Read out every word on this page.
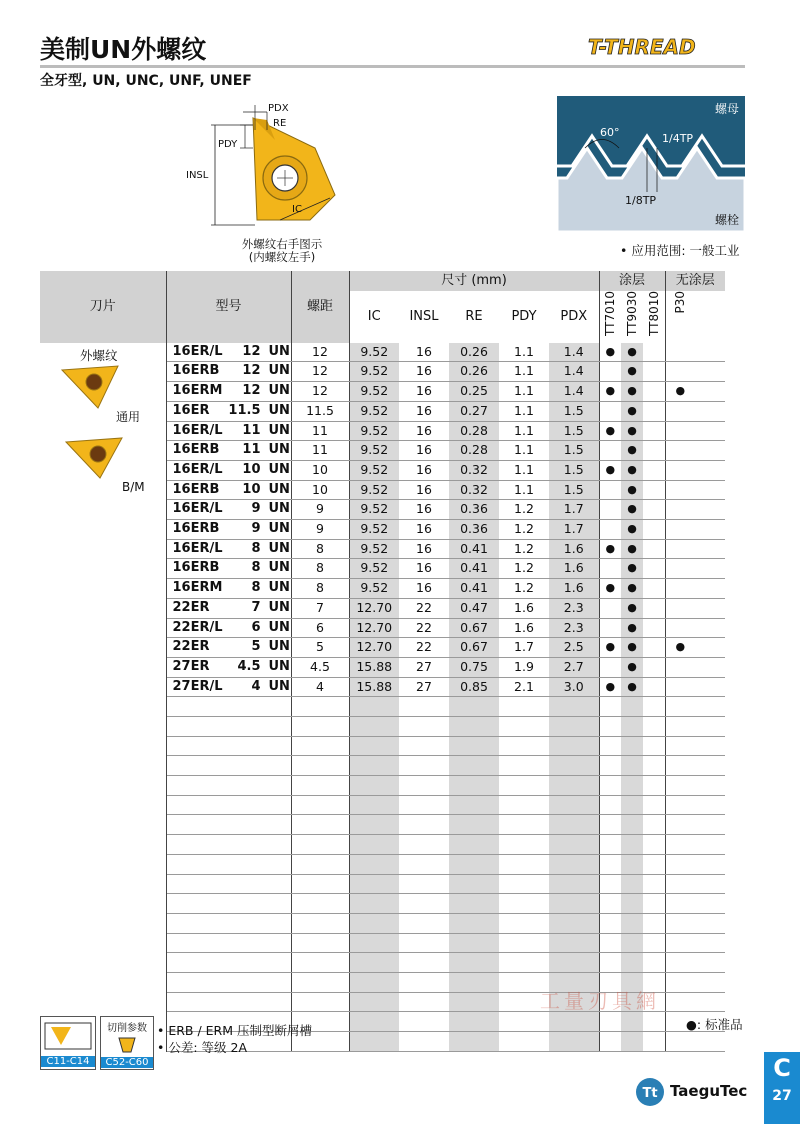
美制UN外螺纹	T-THREAD
全牙型, UN, UNC, UNF, UNEF
PDX
RE
PDY
INSL
IC
外螺纹右手图示
(内螺纹左手)
螺母
螺栓
60°	1/4TP
1/8TP
• 应用范围: 一般工业
刀片	型号	螺距	尺寸 (mm)					涂层			无涂层	
			IC	INSL	RE	PDY	PDX	TT7010	TT9030	TT8010	P30	
	16ER/L 12 UN	12	9.52	16	0.26	1.1	1.4	●	●			
	16ERB 12 UN	12	9.52	16	0.26	1.1	1.4		●			
	16ERM 12 UN	12	9.52	16	0.25	1.1	1.4	●	●		●	
	16ER 11.5 UN	11.5	9.52	16	0.27	1.1	1.5		●			
	16ER/L 11 UN	11	9.52	16	0.28	1.1	1.5	●	●			
	16ERB 11 UN	11	9.52	16	0.28	1.1	1.5		●			
	16ER/L 10 UN	10	9.52	16	0.32	1.1	1.5	●	●			
	16ERB 10 UN	10	9.52	16	0.32	1.1	1.5		●			
	16ER/L 9 UN	9	9.52	16	0.36	1.2	1.7		●			
	16ERB 9 UN	9	9.52	16	0.36	1.2	1.7		●			
	16ER/L 8 UN	8	9.52	16	0.41	1.2	1.6	●	●			
	16ERB 8 UN	8	9.52	16	0.41	1.2	1.6		●			
	16ERM 8 UN	8	9.52	16	0.41	1.2	1.6	●	●			
	22ER 7 UN	7	12.70	22	0.47	1.6	2.3		●			
	22ER/L 6 UN	6	12.70	22	0.67	1.6	2.3		●			
	22ER 5 UN	5	12.70	22	0.67	1.7	2.5	●	●		●	
	27ER 4.5 UN	4.5	15.88	27	0.75	1.9	2.7		●			
	27ER/L 4 UN	4	15.88	27	0.85	2.1	3.0	●	●			

外螺纹
通用
B/M
工量刃具網
C11-C14
切削参数
C52-C60
• ERB / ERM 压制型断屑槽
• 公差: 等级 2A
●: 标准品
Tt TaeguTec
C
27
